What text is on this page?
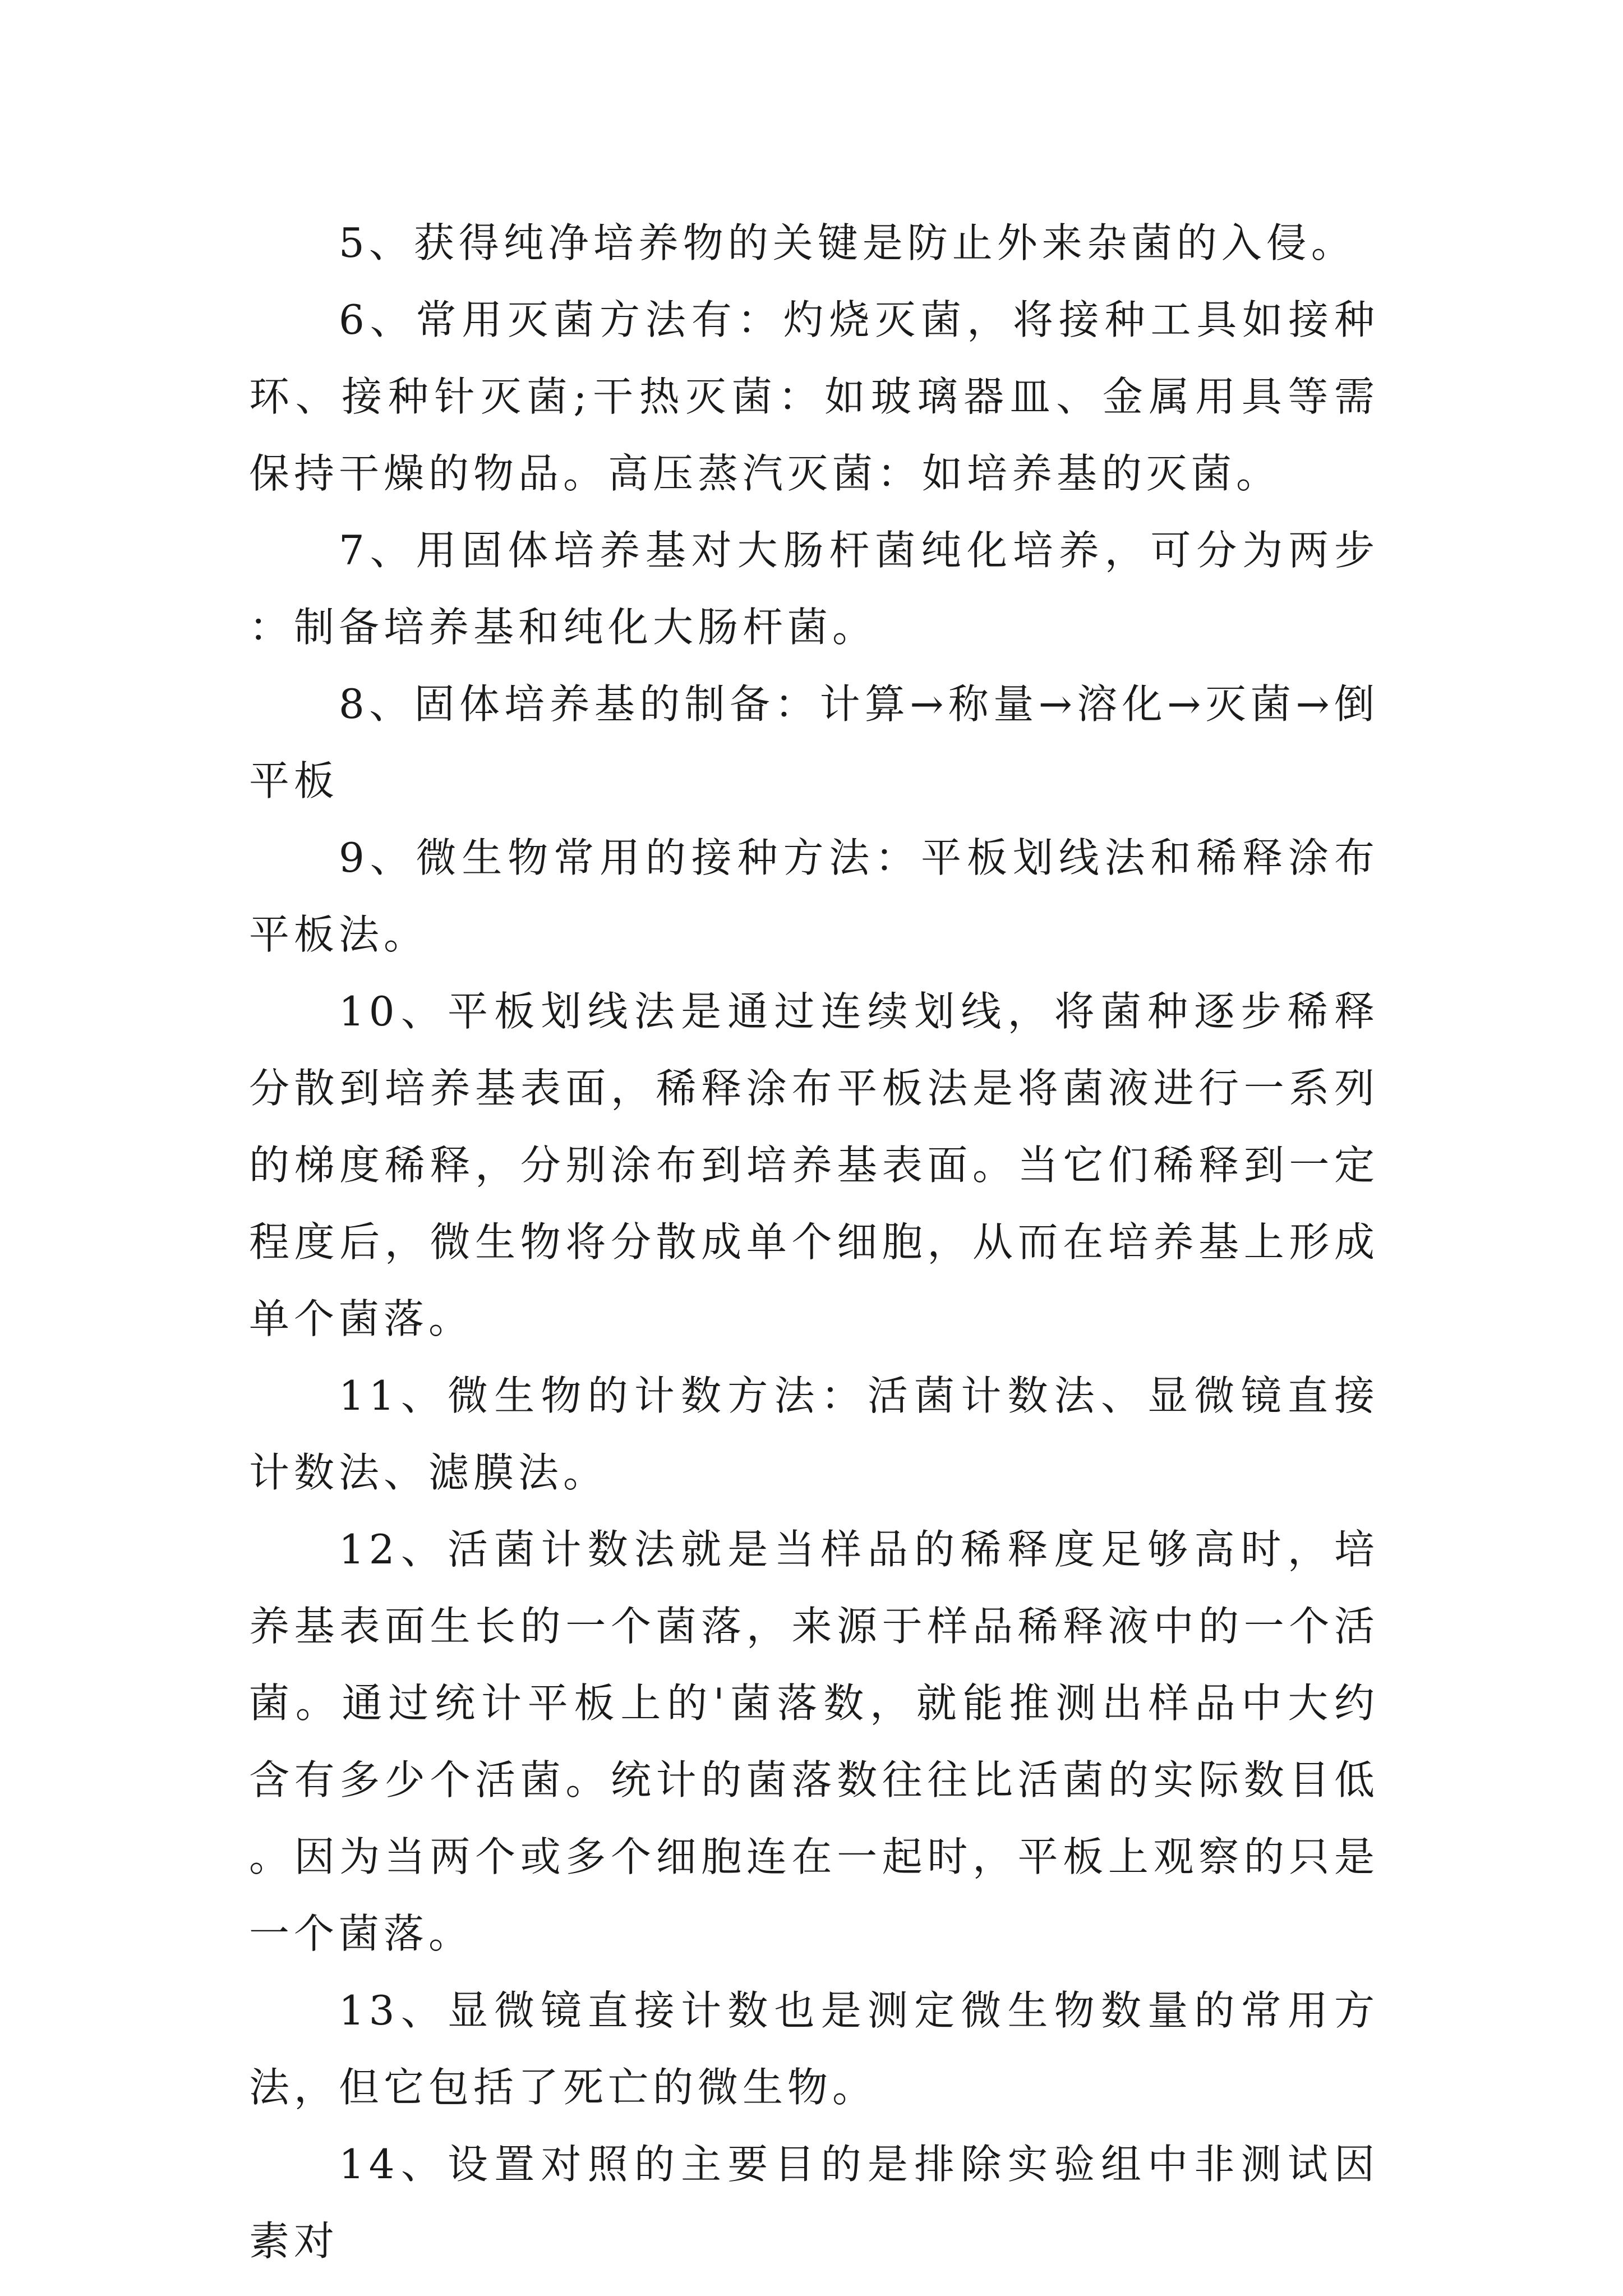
5、获得纯净培养物的关键是防止外来杂菌的入侵。

6、常用灭菌方法有：灼烧灭菌，将接种工具如接种环、接种针灭菌;干热灭菌：如玻璃器皿、金属用具等需保持干燥的物品。高压蒸汽灭菌：如培养基的灭菌。

7、用固体培养基对大肠杆菌纯化培养，可分为两步：制备培养基和纯化大肠杆菌。

8、固体培养基的制备：计算→称量→溶化→灭菌→倒平板

9、微生物常用的接种方法：平板划线法和稀释涂布平板法。

10、平板划线法是通过连续划线，将菌种逐步稀释分散到培养基表面，稀释涂布平板法是将菌液进行一系列的梯度稀释，分别涂布到培养基表面。当它们稀释到一定程度后，微生物将分散成单个细胞，从而在培养基上形成单个菌落。

11、微生物的计数方法：活菌计数法、显微镜直接计数法、滤膜法。

12、活菌计数法就是当样品的稀释度足够高时，培养基表面生长的一个菌落，来源于样品稀释液中的一个活菌。通过统计平板上的'菌落数，就能推测出样品中大约含有多少个活菌。统计的菌落数往往比活菌的实际数目低。因为当两个或多个细胞连在一起时，平板上观察的只是一个菌落。

13、显微镜直接计数也是测定微生物数量的常用方法，但它包括了死亡的微生物。

14、设置对照的主要目的是排除实验组中非测试因素对
